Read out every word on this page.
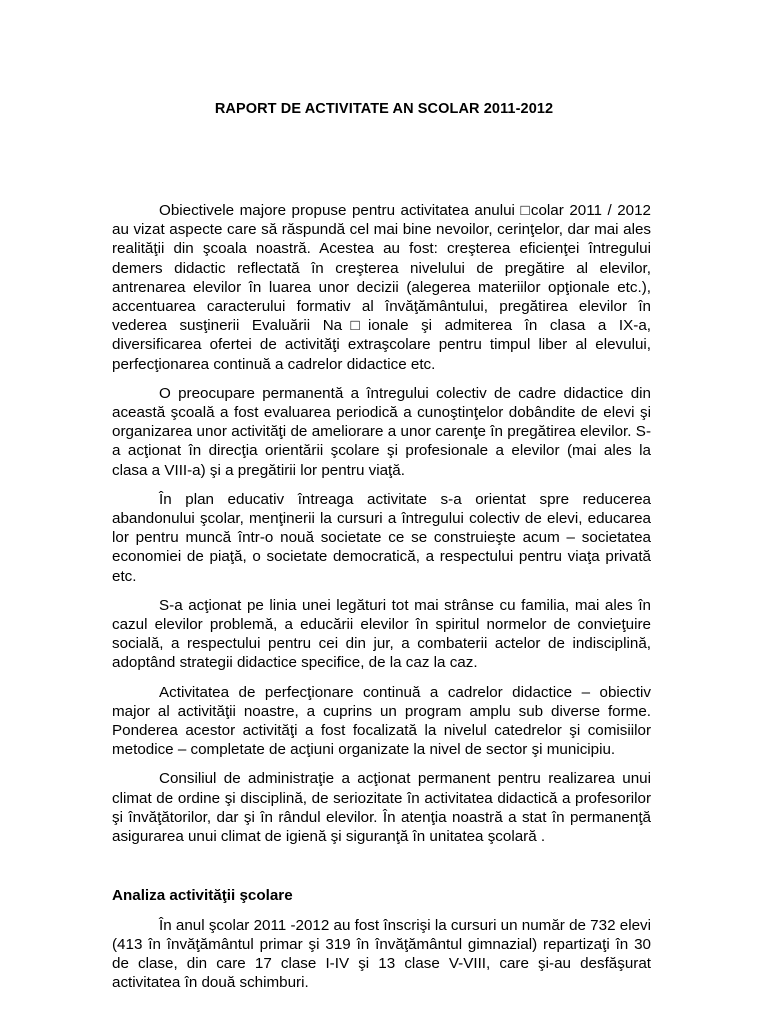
RAPORT DE ACTIVITATE AN SCOLAR 2011-2012

Obiectivele majore propuse pentru activitatea anului □colar 2011 / 2012 au vizat aspecte care să răspundă cel mai bine nevoilor, cerinţelor, dar mai ales realităţii din şcoala noastră. Acestea au fost: creşterea eficienţei întregului demers didactic reflectată în creşterea nivelului de pregătire al elevilor, antrenarea elevilor în luarea unor decizii (alegerea materiilor opţionale etc.), accentuarea caracterului formativ al învăţământului, pregătirea elevilor în vederea susţinerii Evaluării Na□ionale şi admiterea în clasa a IX-a, diversificarea ofertei de activităţi extraşcolare pentru timpul liber al elevului, perfecţionarea continuă a cadrelor didactice etc.

O preocupare permanentă a întregului colectiv de cadre didactice din această şcoală a fost evaluarea periodică a cunoştinţelor dobândite de elevi şi organizarea unor activităţi de ameliorare a unor carenţe în pregătirea elevilor. S-a acţionat în direcţia orientării şcolare şi profesionale a elevilor (mai ales la clasa a VIII-a) şi a pregătirii lor pentru viaţă.

În plan educativ întreaga activitate s-a orientat spre reducerea abandonului şcolar, menţinerii la cursuri a întregului colectiv de elevi, educarea lor pentru muncă într-o nouă societate ce se construieşte acum – societatea economiei de piaţă, o societate democratică, a respectului pentru viaţa privată etc.

S-a acţionat pe linia unei legături tot mai strânse cu familia, mai ales în cazul elevilor problemă, a educării elevilor în spiritul normelor de convieţuire socială, a respectului pentru cei din jur, a combaterii actelor de indisciplină, adoptând strategii didactice specifice, de la caz la caz.

Activitatea de perfecţionare continuă a cadrelor didactice – obiectiv major al activităţii noastre, a cuprins un program amplu sub diverse forme. Ponderea acestor activităţi a fost focalizată la nivelul catedrelor şi comisiilor metodice – completate de acţiuni organizate la nivel de sector şi municipiu.

Consiliul de administraţie a acţionat permanent pentru realizarea unui climat de ordine şi disciplină, de seriozitate în activitatea didactică a profesorilor şi învăţătorilor, dar şi în rândul elevilor. În atenţia noastră a stat în permanenţă asigurarea unui climat de igienă şi siguranţă în unitatea şcolară .

Analiza activităţii şcolare

În anul şcolar 2011 -2012 au fost înscrişi la cursuri un număr de 732 elevi (413 în învăţământul primar şi 319 în învăţământul gimnazial) repartizaţi în 30 de clase, din care 17 clase I-IV şi 13 clase V-VIII, care şi-au desfăşurat activitatea în două schimburi.
